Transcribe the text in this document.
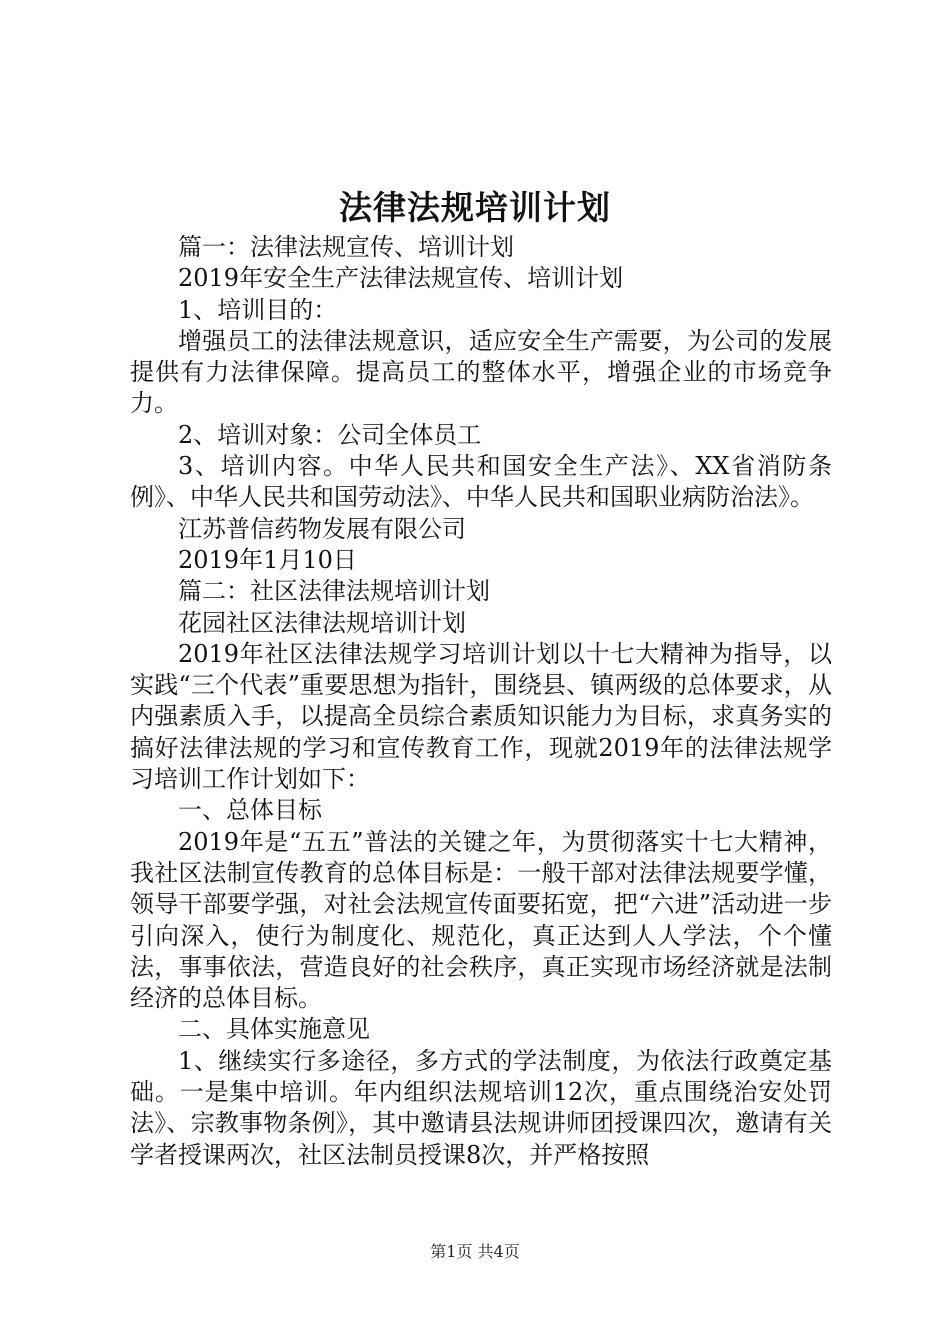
法律法规培训计划

篇一：法律法规宣传、培训计划

2019年安全生产法律法规宣传、培训计划

1、培训目的：

增强员工的法律法规意识，适应安全生产需要，为公司的发展提供有力法律保障。提高员工的整体水平，增强企业的市场竞争力。

2、培训对象：公司全体员工

3、培训内容。中华人民共和国安全生产法》、XX省消防条例》、中华人民共和国劳动法》、中华人民共和国职业病防治法》。

江苏普信药物发展有限公司

2019年1月10日

篇二：社区法律法规培训计划

花园社区法律法规培训计划

2019年社区法律法规学习培训计划以十七大精神为指导，以实践“三个代表”重要思想为指针，围绕县、镇两级的总体要求，从内强素质入手，以提高全员综合素质知识能力为目标，求真务实的搞好法律法规的学习和宣传教育工作，现就2019年的法律法规学习培训工作计划如下：

一、总体目标

2019年是“五五”普法的关键之年，为贯彻落实十七大精神，我社区法制宣传教育的总体目标是：一般干部对法律法规要学懂，领导干部要学强，对社会法规宣传面要拓宽，把“六进”活动进一步引向深入，使行为制度化、规范化，真正达到人人学法，个个懂法，事事依法，营造良好的社会秩序，真正实现市场经济就是法制经济的总体目标。

二、具体实施意见

1、继续实行多途径，多方式的学法制度，为依法行政奠定基础。一是集中培训。年内组织法规培训12次，重点围绕治安处罚法》、宗教事物条例》，其中邀请县法规讲师团授课四次，邀请有关学者授课两次，社区法制员授课8次，并严格按照

第1页 共4页
